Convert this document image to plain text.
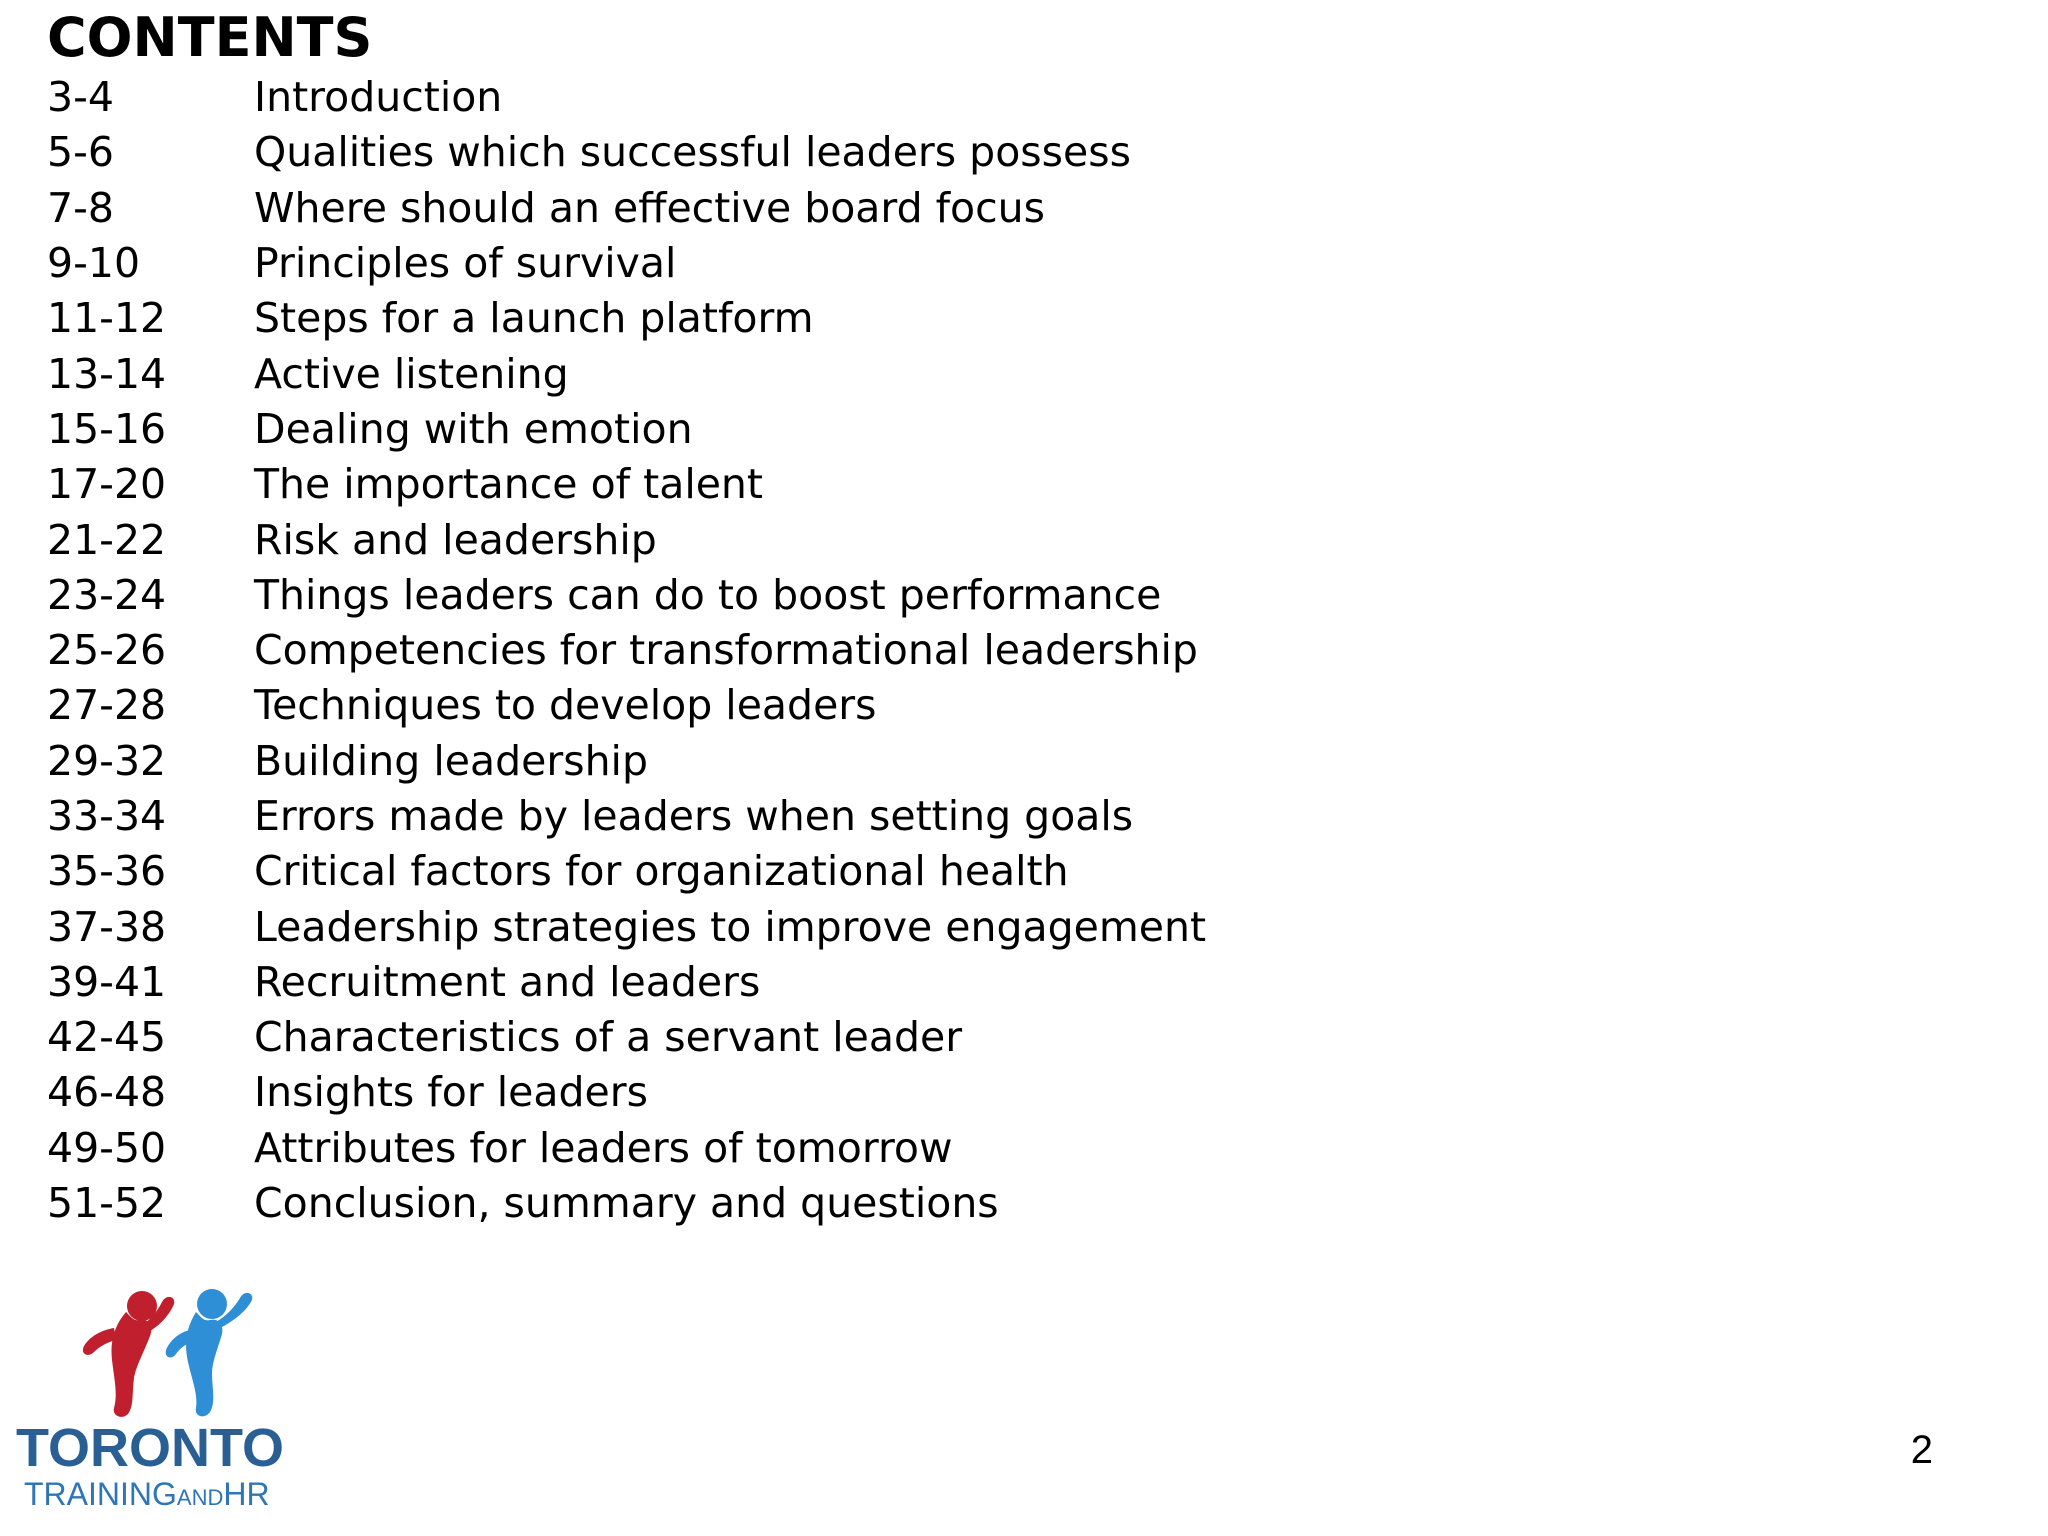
CONTENTS
3-4	Introduction
5-6	Qualities which successful leaders possess
7-8	Where should an effective board focus
9-10	Principles of survival
11-12	Steps for a launch platform
13-14	Active listening
15-16	Dealing with emotion
17-20	The importance of talent
21-22	Risk and leadership
23-24	Things leaders can do to boost performance
25-26	Competencies for transformational leadership
27-28	Techniques to develop leaders
29-32	Building leadership
33-34	Errors made by leaders when setting goals
35-36	Critical factors for organizational health
37-38	Leadership strategies to improve engagement
39-41	Recruitment and leaders
42-45	Characteristics of a servant leader
46-48	Insights for leaders
49-50	Attributes for leaders of tomorrow
51-52	Conclusion, summary and questions
TORONTO
TRAININGANDHR
2
